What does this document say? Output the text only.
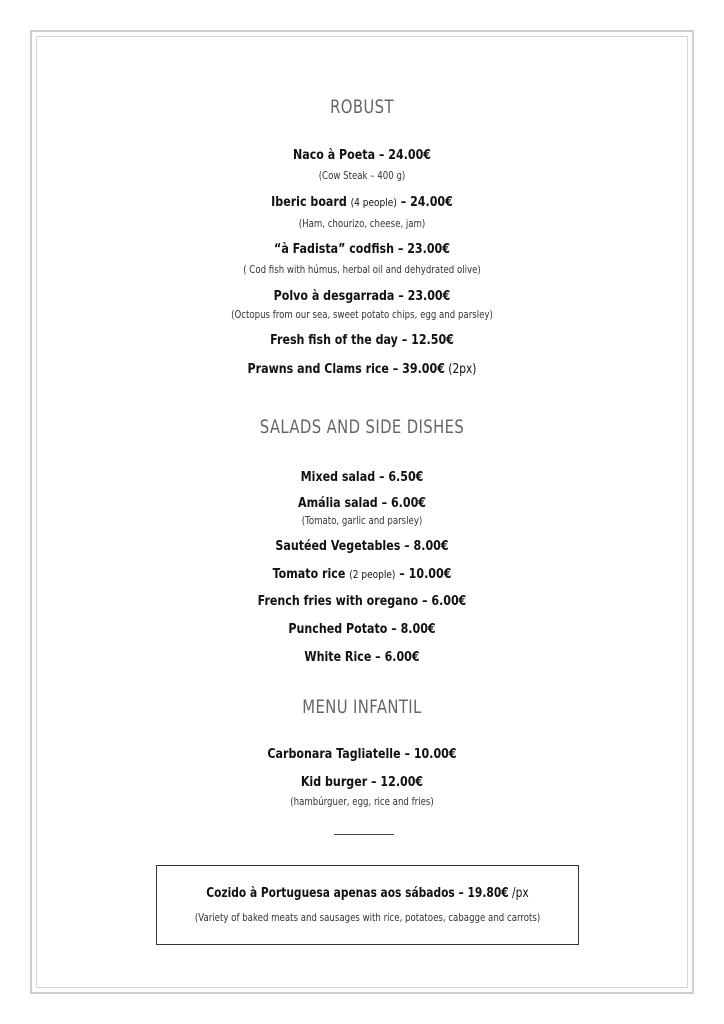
ROBUST
Naco à Poeta – 24.00€
(Cow Steak – 400 g)
Iberic board (4 people) – 24.00€
(Ham, chourizo, cheese, jam)
“à Fadista” codfish – 23.00€
( Cod fish with húmus, herbal oil and dehydrated olive)
Polvo à desgarrada – 23.00€
(Octopus from our sea, sweet potato chips, egg and parsley)
Fresh fish of the day – 12.50€
Prawns and Clams rice – 39.00€ (2px)
SALADS AND SIDE DISHES
Mixed salad – 6.50€
Amália salad – 6.00€
(Tomato, garlic and parsley)
Sautéed Vegetables – 8.00€
Tomato rice (2 people) – 10.00€
French fries with oregano – 6.00€
Punched Potato – 8.00€
White Rice – 6.00€
MENU INFANTIL
Carbonara Tagliatelle – 10.00€
Kid burger – 12.00€
(hambúrguer, egg, rice and fries)
Cozido à Portuguesa apenas aos sábados – 19.80€ /px
(Variety of baked meats and sausages with rice, potatoes, cabagge and carrots)
